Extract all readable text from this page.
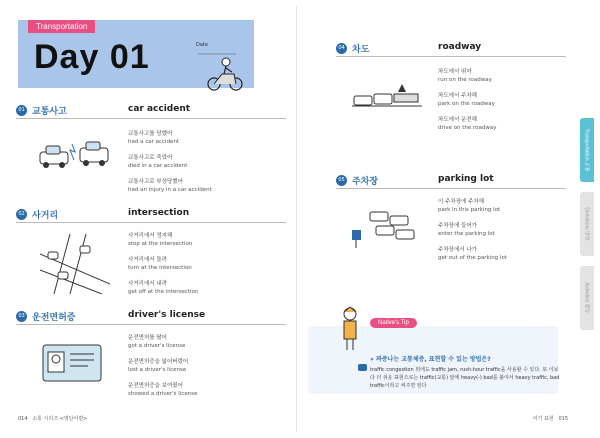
Transportation
Day 01	Date
01 교통사고	car accident
교통사고를 당했어
had a car accident
교통사고로 죽었어
died in a car accident
교통사고로 부상당했어
had an injury in a car accident
02 사거리	intersection
사거리에서 정지해
stop at the intersection
사거리에서 돌려
turn at the intersection
사거리에서 내려
get off at the intersection
03 운전면허증	driver's license
운전면허를 땄어
got a driver's license
운전면허증을 잃어버렸어
lost a driver's license
운전면허증을 보여줬어
showed a driver's license
014 소통 시리즈 <영단어편>
04 차도	roadway
차도에서 뛰어
run on the roadway
차도에서 주차해
park on the roadway
차도에서 운전해
drive on the roadway
05 주차장	parking lot
이 주차장에 주차해
park in this parking lot
주차장에 들어가
enter the parking lot
주차장에서 나가
get out of the parking lot
Native's Tip
» 짜증나는 교통체증, 표현할 수 있는 방법은?
traffic congestion 외에도 traffic jam, rush-hour traffic을 사용할 수 있다. 또 이보다 더 쉬운 표현으로는 traffic(교통) 앞에 heavy(-) bad를 붙여서 heavy traffic, bad traffic이라고 써주면 된다
여기 표현 015
Transportation 교통
Directions 방향
Activities 활동
